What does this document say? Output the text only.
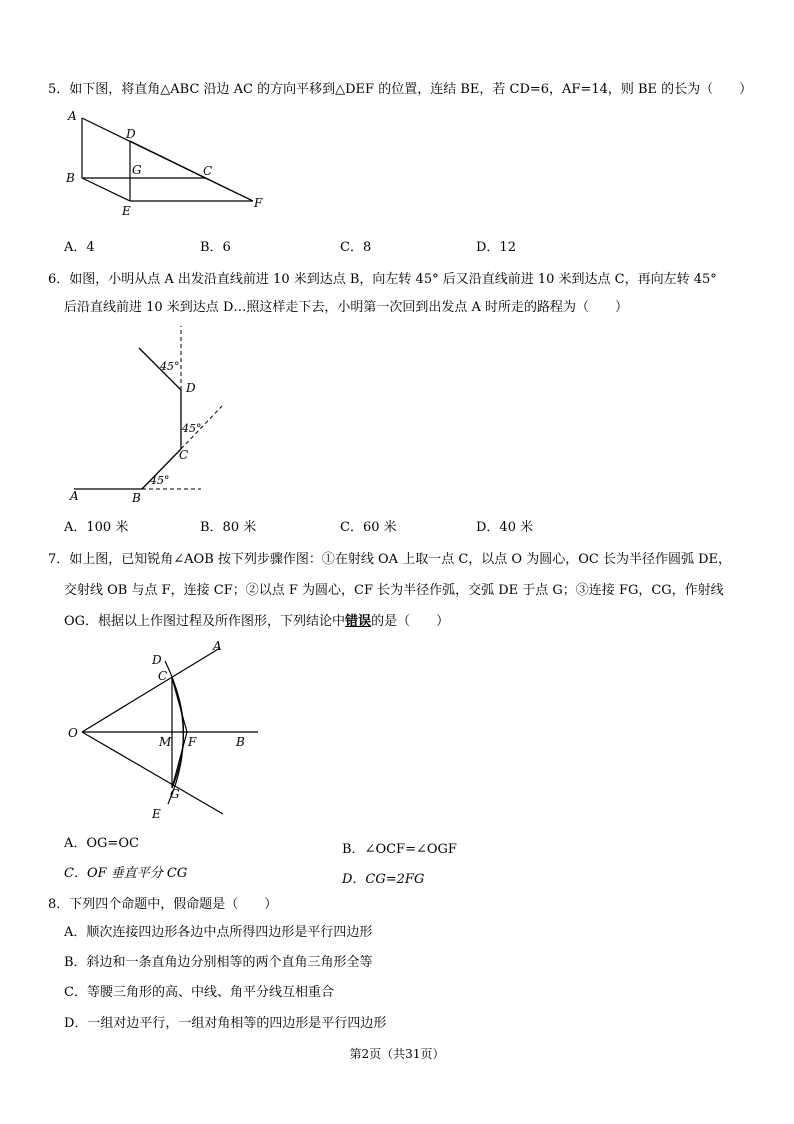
5．如下图，将直角△ABC 沿边 AC 的方向平移到△DEF 的位置，连结 BE，若 CD=6，AF=14，则 BE 的长为（　　）
A
B	C
D
E
F
G
A．4	B．6	C．8	D．12
6．如图，小明从点 A 出发沿直线前进 10 米到达点 B，向左转 45° 后又沿直线前进 10 米到达点 C，再向左转 45°
后沿直线前进 10 米到达点 D…照这样走下去，小明第一次回到出发点 A 时所走的路程为（　　）
A	B
C
D
45°
45°
45°
A．100 米	B．80 米	C．60 米	D．40 米
7．如上图，已知锐角∠AOB 按下列步骤作图：①在射线 OA 上取一点 C，以点 O 为圆心，OC 长为半径作圆弧 DE，
交射线 OB 与点 F，连接 CF；②以点 F 为圆心，CF 长为半径作弧，交弧 DE 于点 G；③连接 FG，CG，作射线
OG．根据以上作图过程及所作图形，下列结论中错误的是（　　）
O
A
B
C
D
E
F
G
M
A．OG=OC	B．∠OCF=∠OGF
C．OF 垂直平分 CG	D．CG=2FG
8．下列四个命题中，假命题是（　　）
A．顺次连接四边形各边中点所得四边形是平行四边形
B．斜边和一条直角边分别相等的两个直角三角形全等
C．等腰三角形的高、中线、角平分线互相重合
D．一组对边平行，一组对角相等的四边形是平行四边形
第2页（共31页）
